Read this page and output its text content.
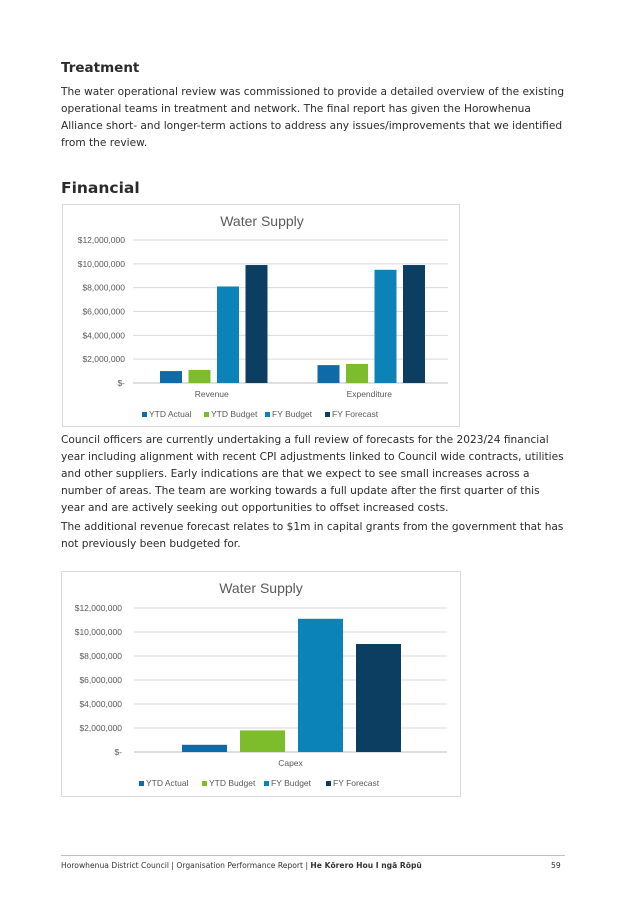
Treatment

The water operational review was commissioned to provide a detailed overview of the existing operational teams in treatment and network. The final report has given the Horowhenua Alliance short- and longer-term actions to address any issues/improvements that we identified from the review.

Financial
Water Supply
$-
$2,000,000
$4,000,000
$6,000,000
$8,000,000
$10,000,000
$12,000,000
Revenue	Expenditure
YTD Actual YTD Budget FY Budget FY Forecast

Council officers are currently undertaking a full review of forecasts for the 2023/24 financial year including alignment with recent CPI adjustments linked to Council wide contracts, utilities and other suppliers. Early indications are that we expect to see small increases across a number of areas. The team are working towards a full update after the first quarter of this year and are actively seeking out opportunities to offset increased costs.

The additional revenue forecast relates to $1m in capital grants from the government that has not previously been budgeted for.

Water Supply
$-
$2,000,000
$4,000,000
$6,000,000
$8,000,000
$10,000,000
$12,000,000
Capex
YTD Actual YTD Budget FY Budget	FY Forecast
Horowhenua District Council | Organisation Performance Report | He Kōrero Hou I ngā Rōpū	59
